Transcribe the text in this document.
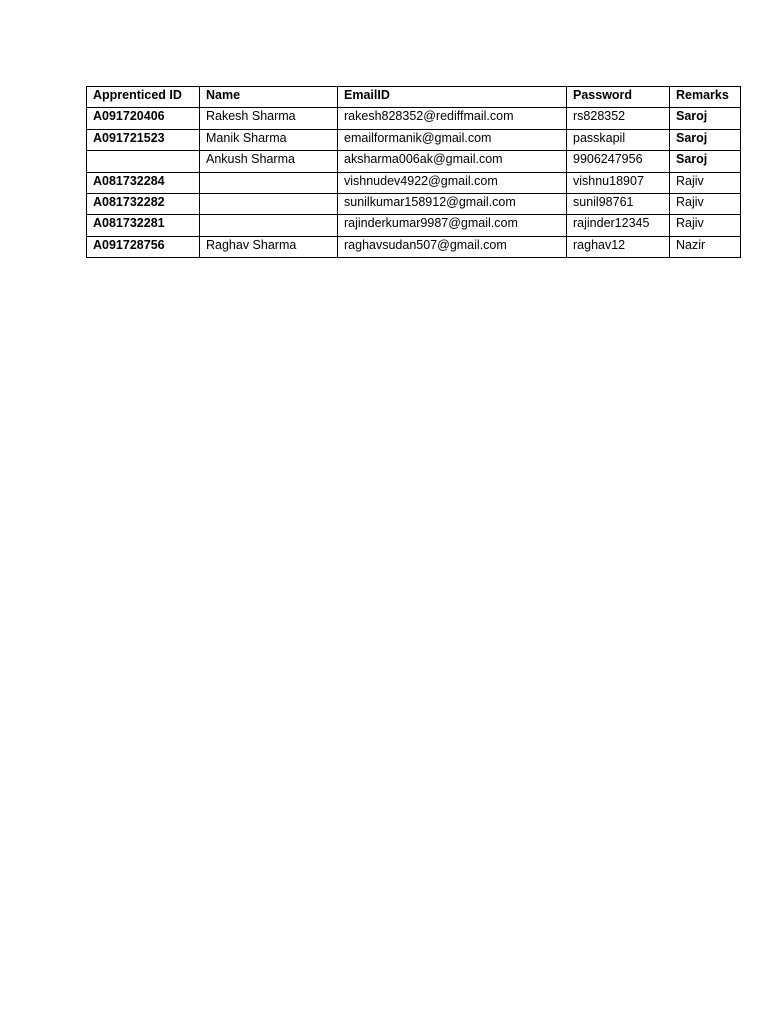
Apprenticed ID	Name	EmailID	Password	Remarks
A091720406	Rakesh Sharma	rakesh828352@rediffmail.com	rs828352	Saroj
A091721523	Manik Sharma	emailformanik@gmail.com	passkapil	Saroj
	Ankush Sharma	aksharma006ak@gmail.com	9906247956	Saroj
A081732284		vishnudev4922@gmail.com	vishnu18907	Rajiv
A081732282		sunilkumar158912@gmail.com	sunil98761	Rajiv
A081732281		rajinderkumar9987@gmail.com	rajinder12345	Rajiv
A091728756	Raghav Sharma	raghavsudan507@gmail.com	raghav12	Nazir
